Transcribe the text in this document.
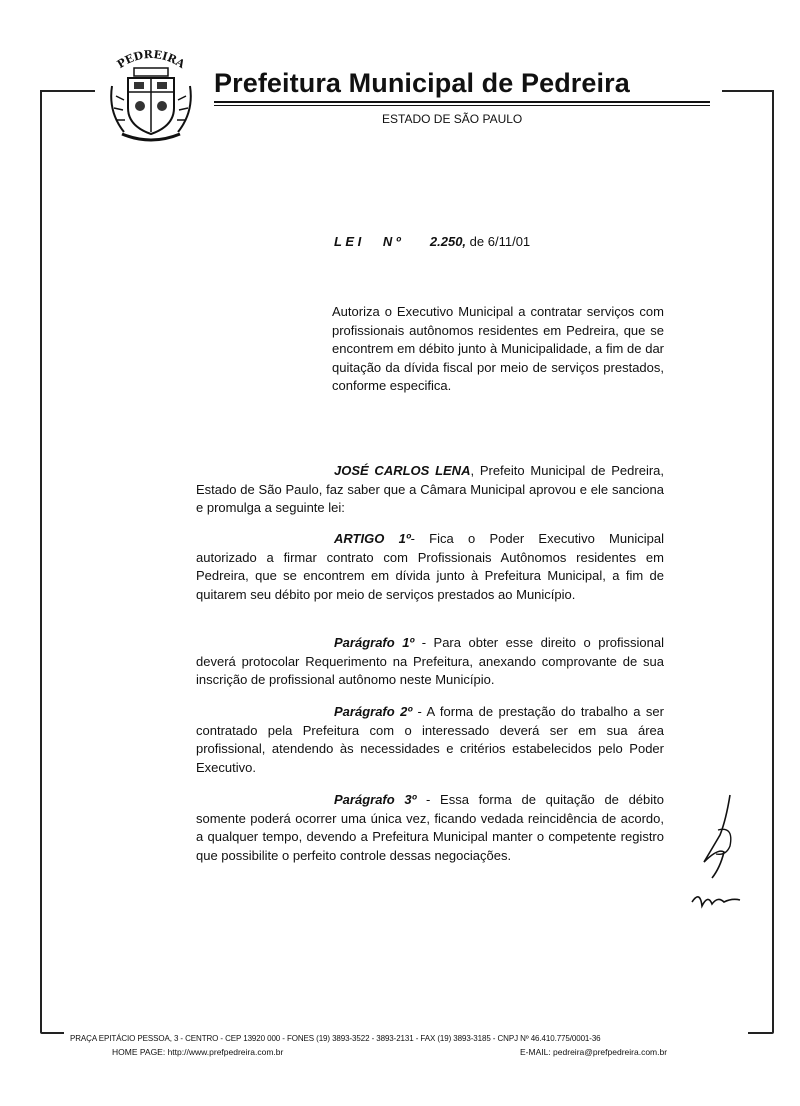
PEDREIRA
Prefeitura Municipal de Pedreira
ESTADO DE SÃO PAULO
L E I      N º 2.250, de 6/11/01
Autoriza o Executivo Municipal a contratar serviços com profissionais autônomos residentes em Pedreira, que se encontrem em débito junto à Municipalidade, a fim de dar quitação da dívida fiscal por meio de serviços prestados, conforme especifica.
JOSÉ CARLOS LENA, Prefeito Municipal de Pedreira, Estado de São Paulo, faz saber que a Câmara Municipal aprovou e ele sanciona e promulga a seguinte lei:
ARTIGO 1º- Fica o Poder Executivo Municipal autorizado a firmar contrato com Profissionais Autônomos residentes em Pedreira, que se encontrem em dívida junto à Prefeitura Municipal, a fim de quitarem seu débito por meio de serviços prestados ao Município.
Parágrafo 1º - Para obter esse direito o profissional deverá protocolar Requerimento na Prefeitura, anexando comprovante de sua inscrição de profissional autônomo neste Município.
Parágrafo 2º - A forma de prestação do trabalho a ser contratado pela Prefeitura com o interessado deverá ser em sua área profissional, atendendo às necessidades e critérios estabelecidos pelo Poder Executivo.
Parágrafo 3º - Essa forma de quitação de débito somente poderá ocorrer uma única vez, ficando vedada reincidência de acordo, a qualquer tempo, devendo a Prefeitura Municipal manter o competente registro que possibilite o perfeito controle dessas negociações.
PRAÇA EPITÁCIO PESSOA, 3 - CENTRO - CEP 13920 000 - FONES (19) 3893-3522 - 3893-2131 - FAX (19) 3893-3185 - CNPJ Nº 46.410.775/0001-36
HOME PAGE: http://www.prefpedreira.com.br	E-MAIL: pedreira@prefpedreira.com.br
